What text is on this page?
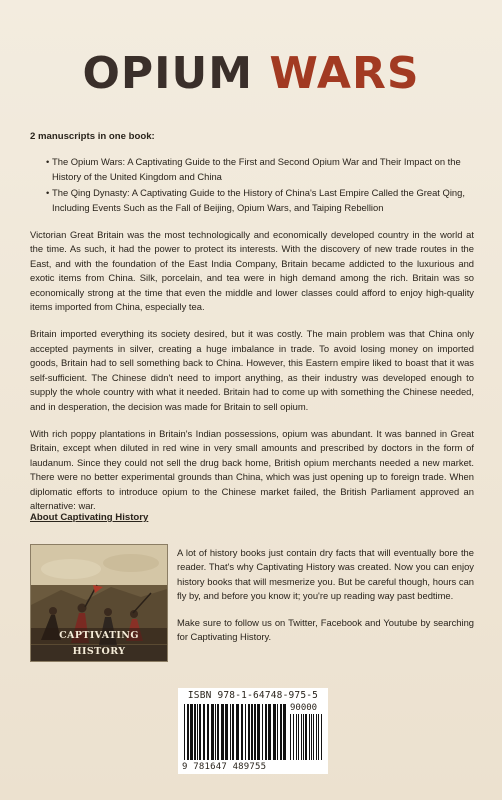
OPIUM WARS
2 manuscripts in one book:
• The Opium Wars: A Captivating Guide to the First and Second Opium War and Their Impact on the History of the United Kingdom and China
• The Qing Dynasty: A Captivating Guide to the History of China's Last Empire Called the Great Qing, Including Events Such as the Fall of Beijing, Opium Wars, and Taiping Rebellion

Victorian Great Britain was the most technologically and economically developed country in the world at the time. As such, it had the power to protect its interests. With the discovery of new trade routes in the East, and with the foundation of the East India Company, Britain became addicted to the luxurious and exotic items from China. Silk, porcelain, and tea were in high demand among the rich. Britain was so economically strong at the time that even the middle and lower classes could afford to enjoy high-quality items imported from China, especially tea.

Britain imported everything its society desired, but it was costly. The main problem was that China only accepted payments in silver, creating a huge imbalance in trade. To avoid losing money on imported goods, Britain had to sell something back to China. However, this Eastern empire liked to boast that it was self-sufficient. The Chinese didn't need to import anything, as their industry was developed enough to supply the whole country with what it needed. Britain had to come up with something the Chinese needed, and in desperation, the decision was made for Britain to sell opium.

With rich poppy plantations in Britain's Indian possessions, opium was abundant. It was banned in Great Britain, except when diluted in red wine in very small amounts and prescribed by doctors in the form of laudanum. Since they could not sell the drug back home, British opium merchants needed a new market. There were no better experimental grounds than China, which was just opening up to foreign trade. When diplomatic efforts to introduce opium to the Chinese market failed, the British Parliament approved an alternative: war.

About Captivating History
CAPTIVATING HISTORY

A lot of history books just contain dry facts that will eventually bore the reader. That's why Captivating History was created. Now you can enjoy history books that will mesmerize you. But be careful though, hours can fly by, and before you know it; you're up reading way past bedtime.

Make sure to follow us on Twitter, Facebook and Youtube by searching for Captivating History.

ISBN 978-1-64748-975-5
90000
9 781647 489755
